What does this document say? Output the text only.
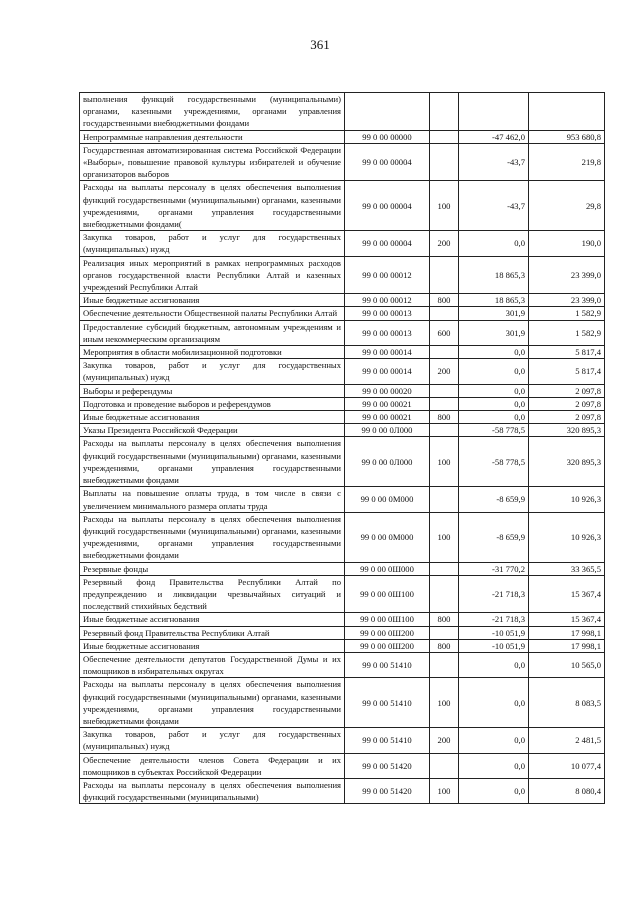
361
выполнения функций государственными (муниципальными) органами, казенными учреждениями, органами управления государственными внебюджетными фондами				
Непрограммные направления деятельности	99 0 00 00000		-47 462,0	953 680,8
Государственная автоматизированная система Российской Федерации «Выборы», повышение правовой культуры избирателей и обучение организаторов выборов	99 0 00 00004		-43,7	219,8
Расходы на выплаты персоналу в целях обеспечения выполнения функций государственными (муниципальными) органами, казенными учреждениями, органами управления государственными внебюджетными фондами(	99 0 00 00004	100	-43,7	29,8
Закупка товаров, работ и услуг для государственных (муниципальных) нужд	99 0 00 00004	200	0,0	190,0
Реализация иных мероприятий в рамках непрограммных расходов органов государственной власти Республики Алтай и казенных учреждений Республики Алтай	99 0 00 00012		18 865,3	23 399,0
Иные бюджетные ассигнования	99 0 00 00012	800	18 865,3	23 399,0
Обеспечение деятельности Общественной палаты Республики Алтай	99 0 00 00013		301,9	1 582,9
Предоставление субсидий бюджетным, автономным учреждениям и иным некоммерческим организациям	99 0 00 00013	600	301,9	1 582,9
Мероприятия в области мобилизационной подготовки	99 0 00 00014		0,0	5 817,4
Закупка товаров, работ и услуг для государственных (муниципальных) нужд	99 0 00 00014	200	0,0	5 817,4
Выборы и референдумы	99 0 00 00020		0,0	2 097,8
Подготовка и проведение выборов и референдумов	99 0 00 00021		0,0	2 097,8
Иные бюджетные ассигнования	99 0 00 00021	800	0,0	2 097,8
Указы Президента Российской Федерации	99 0 00 0Л000		-58 778,5	320 895,3
Расходы на выплаты персоналу в целях обеспечения выполнения функций государственными (муниципальными) органами, казенными учреждениями, органами управления государственными внебюджетными фондами	99 0 00 0Л000	100	-58 778,5	320 895,3
Выплаты на повышение оплаты труда, в том числе в связи с увеличением минимального размера оплаты труда	99 0 00 0М000		-8 659,9	10 926,3
Расходы на выплаты персоналу в целях обеспечения выполнения функций государственными (муниципальными) органами, казенными учреждениями, органами управления государственными внебюджетными фондами	99 0 00 0М000	100	-8 659,9	10 926,3
Резервные фонды	99 0 00 0Ш000		-31 770,2	33 365,5
Резервный фонд Правительства Республики Алтай по предупреждению и ликвидации чрезвычайных ситуаций и последствий стихийных бедствий	99 0 00 0Ш100		-21 718,3	15 367,4
Иные бюджетные ассигнования	99 0 00 0Ш100	800	-21 718,3	15 367,4
Резервный фонд Правительства Республики Алтай	99 0 00 0Ш200		-10 051,9	17 998,1
Иные бюджетные ассигнования	99 0 00 0Ш200	800	-10 051,9	17 998,1
Обеспечение деятельности депутатов Государственной Думы и их помощников в избирательных округах	99 0 00 51410		0,0	10 565,0
Расходы на выплаты персоналу в целях обеспечения выполнения функций государственными (муниципальными) органами, казенными учреждениями, органами управления государственными внебюджетными фондами	99 0 00 51410	100	0,0	8 083,5
Закупка товаров, работ и услуг для государственных (муниципальных) нужд	99 0 00 51410	200	0,0	2 481,5
Обеспечение деятельности членов Совета Федерации и их помощников в субъектах Российской Федерации	99 0 00 51420		0,0	10 077,4
Расходы на выплаты персоналу в целях обеспечения выполнения функций государственными (муниципальными)	99 0 00 51420	100	0,0	8 080,4
